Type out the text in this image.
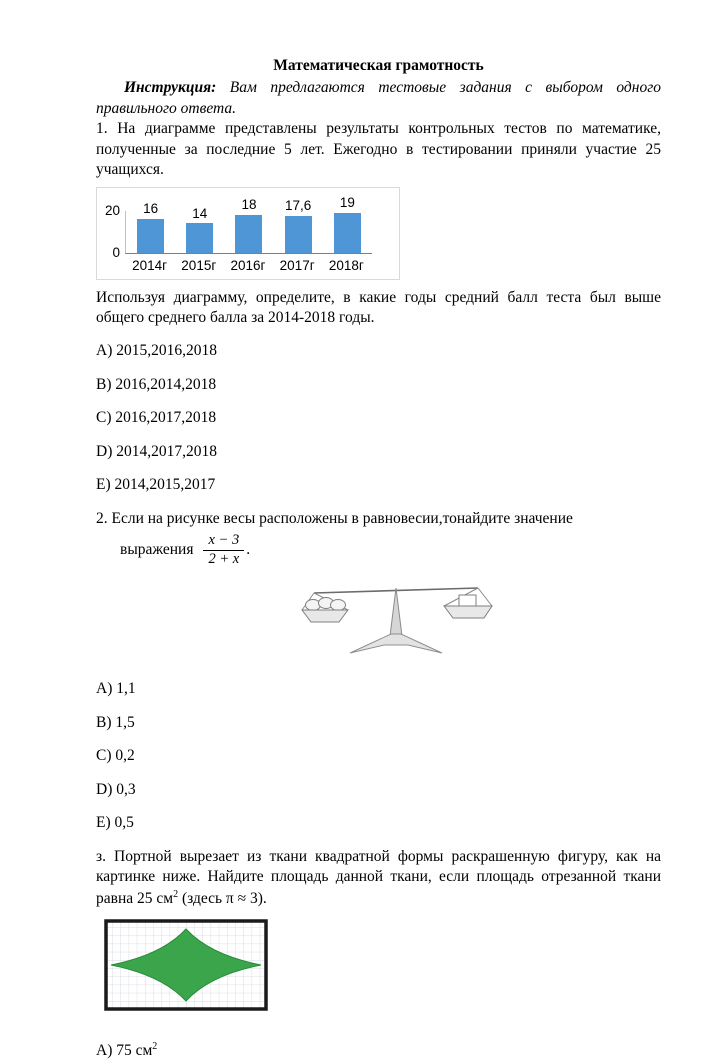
Математическая грамотность

Инструкция: Вам предлагаются тестовые задания с выбором одного правильного ответа.

1. На диаграмме представлены результаты контрольных тестов по математике, полученные за последние 5 лет. Ежегодно в тестировании приняли участие 25 учащихся.

20
0
16	14
18 17,6 19
2014г	2015г	2016г	2017г	2018г

Используя диаграмму, определите, в какие годы средний балл теста был выше общего среднего балла за 2014-2018 годы.

A) 2015,2016,2018
B) 2016,2014,2018
C) 2016,2017,2018
D) 2014,2017,2018
E) 2014,2015,2017

2. Если на рисунке весы расположены в равновесии,тонайдите значение

выражения $\frac{x - 3}{2 + x}$ .
A) 1,1
B) 1,5
C) 0,2
D) 0,3
E) 0,5

з. Портной вырезает из ткани квадратной формы раскрашенную фигуру, как на картинке ниже. Найдите площадь данной ткани, если площадь отрезанной ткани равна 25 $см^2$ (здесь π ≈ 3).

A) 75 $см^2$
